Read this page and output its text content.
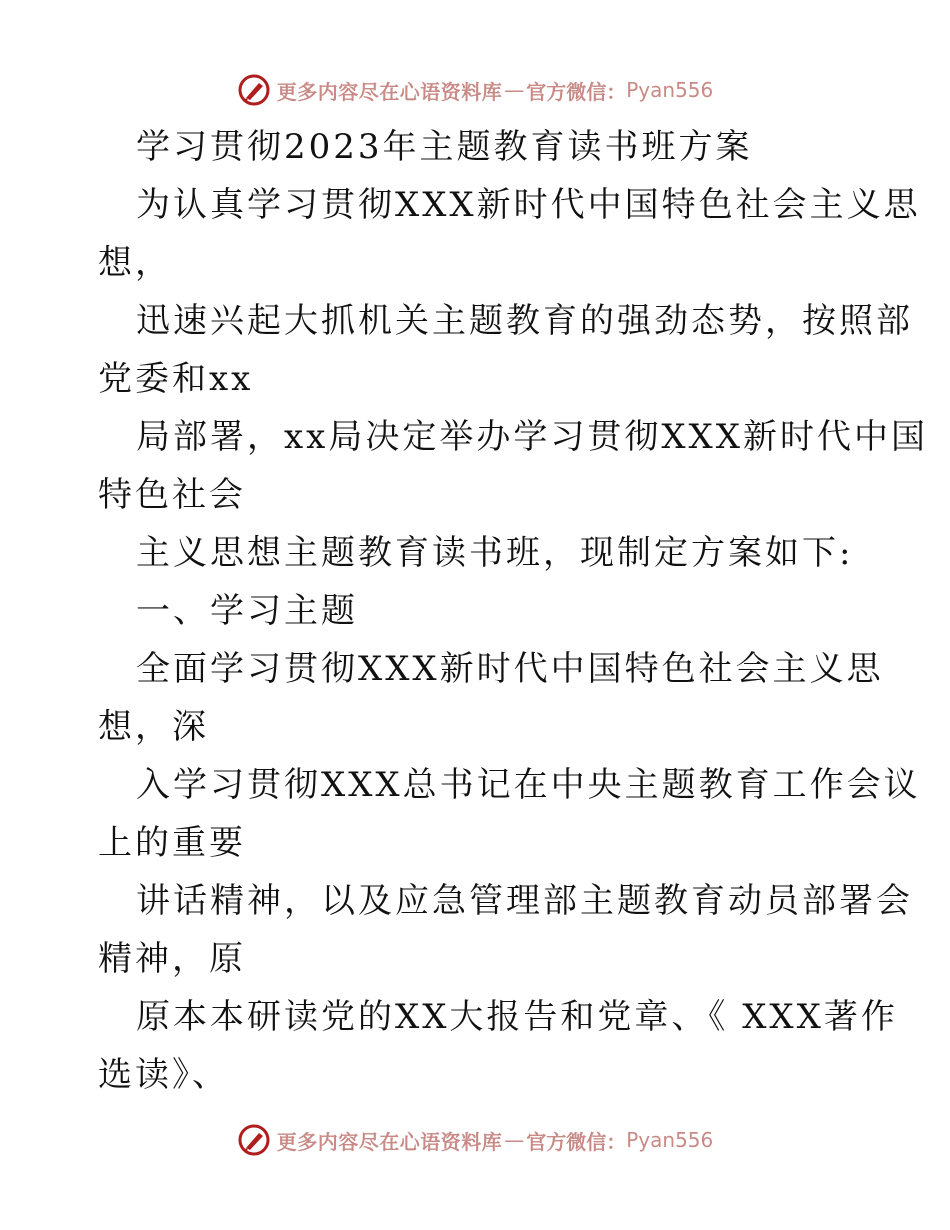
更多内容尽在心语资料库 — 官方微信： Pyan556
学习贯彻2023年主题教育读书班方案
为认真学习贯彻XXX新时代中国特色社会主义思
想，
迅速兴起大抓机关主题教育的强劲态势，按照部
党委和xx
局部署，xx局决定举办学习贯彻XXX新时代中国
特色社会
主义思想主题教育读书班，现制定方案如下:
一、学习主题
全面学习贯彻XXX新时代中国特色社会主义思
想，深
入学习贯彻XXX总书记在中央主题教育工作会议
上的重要
讲话精神，以及应急管理部主题教育动员部署会
精神，原
原本本研读党的XX大报告和党章、《 XXX著作
选读》、
更多内容尽在心语资料库 — 官方微信： Pyan556
